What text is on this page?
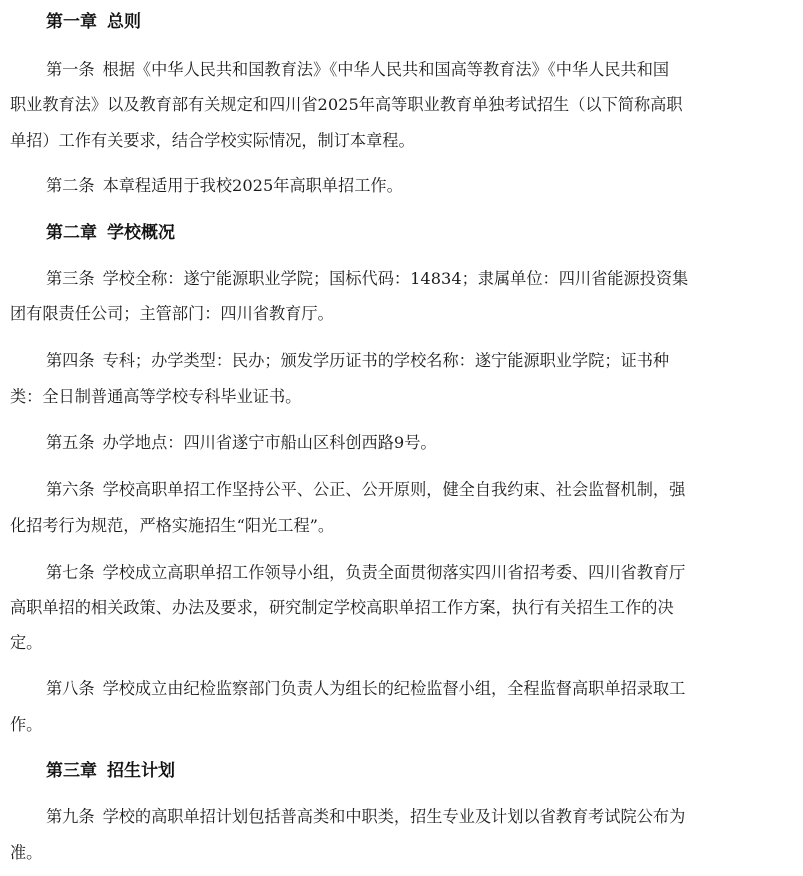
第一章 总则
第一条 根据《中华人民共和国教育法》《中华人民共和国高等教育法》《中华人民共和国
职业教育法》以及教育部有关规定和四川省2025年高等职业教育单独考试招生（以下简称高职
单招）工作有关要求，结合学校实际情况，制订本章程。
第二条 本章程适用于我校2025年高职单招工作。
第二章 学校概况
第三条 学校全称：遂宁能源职业学院；国标代码：14834；隶属单位：四川省能源投资集
团有限责任公司；主管部门：四川省教育厅。
第四条 专科；办学类型：民办；颁发学历证书的学校名称：遂宁能源职业学院；证书种
类：全日制普通高等学校专科毕业证书。
第五条 办学地点：四川省遂宁市船山区科创西路9号。
第六条 学校高职单招工作坚持公平、公正、公开原则，健全自我约束、社会监督机制，强
化招考行为规范，严格实施招生“阳光工程”。
第七条 学校成立高职单招工作领导小组，负责全面贯彻落实四川省招考委、四川省教育厅
高职单招的相关政策、办法及要求，研究制定学校高职单招工作方案，执行有关招生工作的决
定。
第八条 学校成立由纪检监察部门负责人为组长的纪检监督小组，全程监督高职单招录取工
作。
第三章 招生计划
第九条 学校的高职单招计划包括普高类和中职类，招生专业及计划以省教育考试院公布为
准。
